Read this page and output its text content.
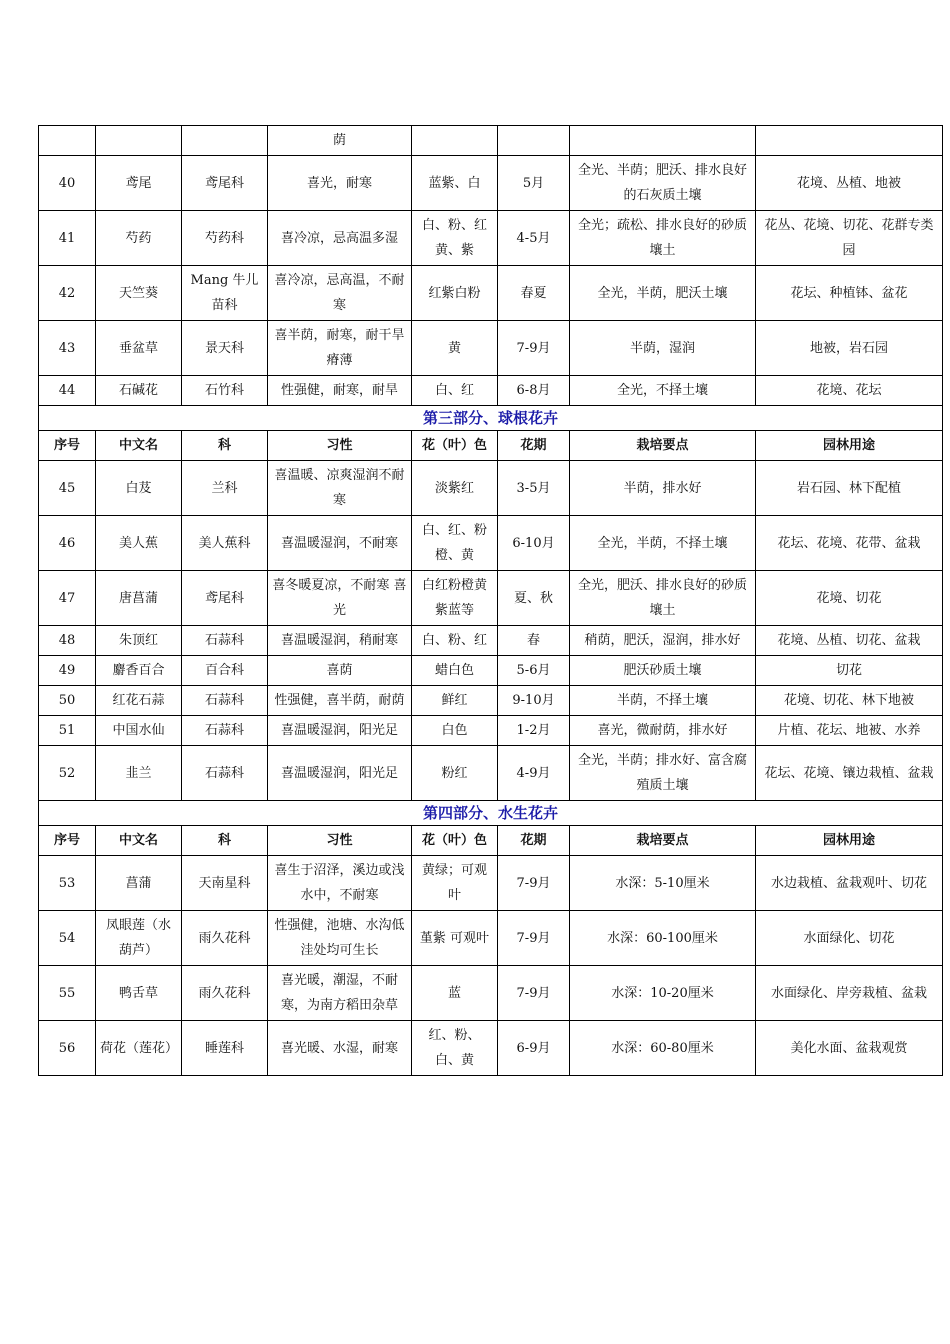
			荫				
40	鸢尾	鸢尾科	喜光，耐寒	蓝紫、白	5月	全光、半荫；肥沃、排水良好的石灰质土壤	花境、丛植、地被
41	芍药	芍药科	喜冷凉，忌高温多湿	白、粉、红黄、紫	4-5月	全光；疏松、排水良好的砂质壤土	花丛、花境、切花、花群专类园
42	天竺葵	Mang 牛儿苗科	喜冷凉，忌高温，不耐寒	红紫白粉	春夏	全光，半荫，肥沃土壤	花坛、种植钵、盆花
43	垂盆草	景天科	喜半荫，耐寒，耐干旱瘠薄	黄	7-9月	半荫，湿润	地被，岩石园
44	石碱花	石竹科	性强健，耐寒，耐旱	白、红	6-8月	全光，不择土壤	花境、花坛
第三部分、球根花卉							
序号	中文名	科	习性	花（叶）色	花期	栽培要点	园林用途
45	白芨	兰科	喜温暖、凉爽湿润不耐寒	淡紫红	3-5月	半荫，排水好	岩石园、林下配植
46	美人蕉	美人蕉科	喜温暖湿润，不耐寒	白、红、粉橙、黄	6-10月	全光，半荫，不择土壤	花坛、花境、花带、盆栽
47	唐菖蒲	鸢尾科	喜冬暖夏凉，不耐寒 喜光	白红粉橙黄紫蓝等	夏、秋	全光，肥沃、排水良好的砂质壤土	花境、切花
48	朱顶红	石蒜科	喜温暖湿润，稍耐寒	白、粉、红	春	稍荫，肥沃，湿润，排水好	花境、丛植、切花、盆栽
49	麝香百合	百合科	喜荫	蜡白色	5-6月	肥沃砂质土壤	切花
50	红花石蒜	石蒜科	性强健，喜半荫，耐荫	鲜红	9-10月	半荫，不择土壤	花境、切花、林下地被
51	中国水仙	石蒜科	喜温暖湿润，阳光足	白色	1-2月	喜光，微耐荫，排水好	片植、花坛、地被、水养
52	韭兰	石蒜科	喜温暖湿润，阳光足	粉红	4-9月	全光，半荫；排水好、富含腐殖质土壤	花坛、花境、镶边栽植、盆栽
第四部分、水生花卉							
序号	中文名	科	习性	花（叶）色	花期	栽培要点	园林用途
53	菖蒲	天南星科	喜生于沼泽，溪边或浅水中，不耐寒	黄绿；可观叶	7-9月	水深：5-10厘米	水边栽植、盆栽观叶、切花
54	凤眼莲（水葫芦）	雨久花科	性强健，池塘、水沟低洼处均可生长	堇紫 可观叶	7-9月	水深：60-100厘米	水面绿化、切花
55	鸭舌草	雨久花科	喜光暖，潮湿，不耐寒，为南方稻田杂草	蓝	7-9月	水深：10-20厘米	水面绿化、岸旁栽植、盆栽
56	荷花（莲花）	睡莲科	喜光暖、水湿，耐寒	红、粉、白、黄	6-9月	水深：60-80厘米	美化水面、盆栽观赏
